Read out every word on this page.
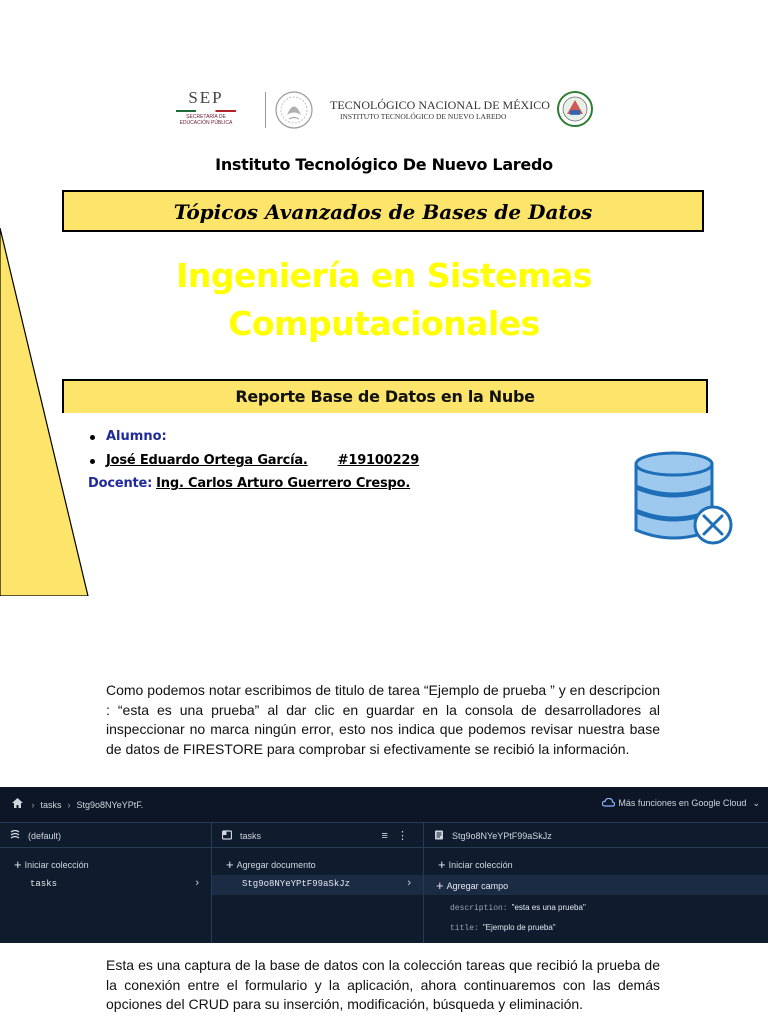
SEP
SECRETARÍA DE EDUCACIÓN PÚBLICA
TECNOLÓGICO NACIONAL DE MÉXICO
INSTITUTO TECNOLÓGICO DE NUEVO LAREDO
Instituto Tecnológico De Nuevo Laredo
Tópicos Avanzados de Bases de Datos
Ingeniería en Sistemas
Computacionales
Reporte Base de Datos en la Nube
Alumno:
José Eduardo Ortega García. #19100229
Docente: Ing. Carlos Arturo Guerrero Crespo.
Como podemos notar escribimos de titulo de tarea “Ejemplo de prueba ” y en descripcion : “esta es una prueba” al dar clic en guardar en la consola de desarrolladores al inspeccionar no marca ningún error, esto nos indica que podemos revisar nuestra base de datos de FIRESTORE para comprobar si efectivamente se recibió la información.
› tasks › Stg9o8NYeYPtF.	Más funciones en Google Cloud ⌄
(default)
+ Iniciar colección
tasks	›
tasks	≡ ⋮
+ Agregar documento
Stg9o8NYeYPtF99aSkJz	›
Stg9o8NYeYPtF99aSkJz
+ Iniciar colección
+ Agregar campo
description: "esta es una prueba"
title: "Ejemplo de prueba"
Esta es una captura de la base de datos con la colección tareas que recibió la prueba de la conexión entre el formulario y la aplicación, ahora continuaremos con las demás opciones del CRUD para su inserción, modificación, búsqueda y eliminación.
